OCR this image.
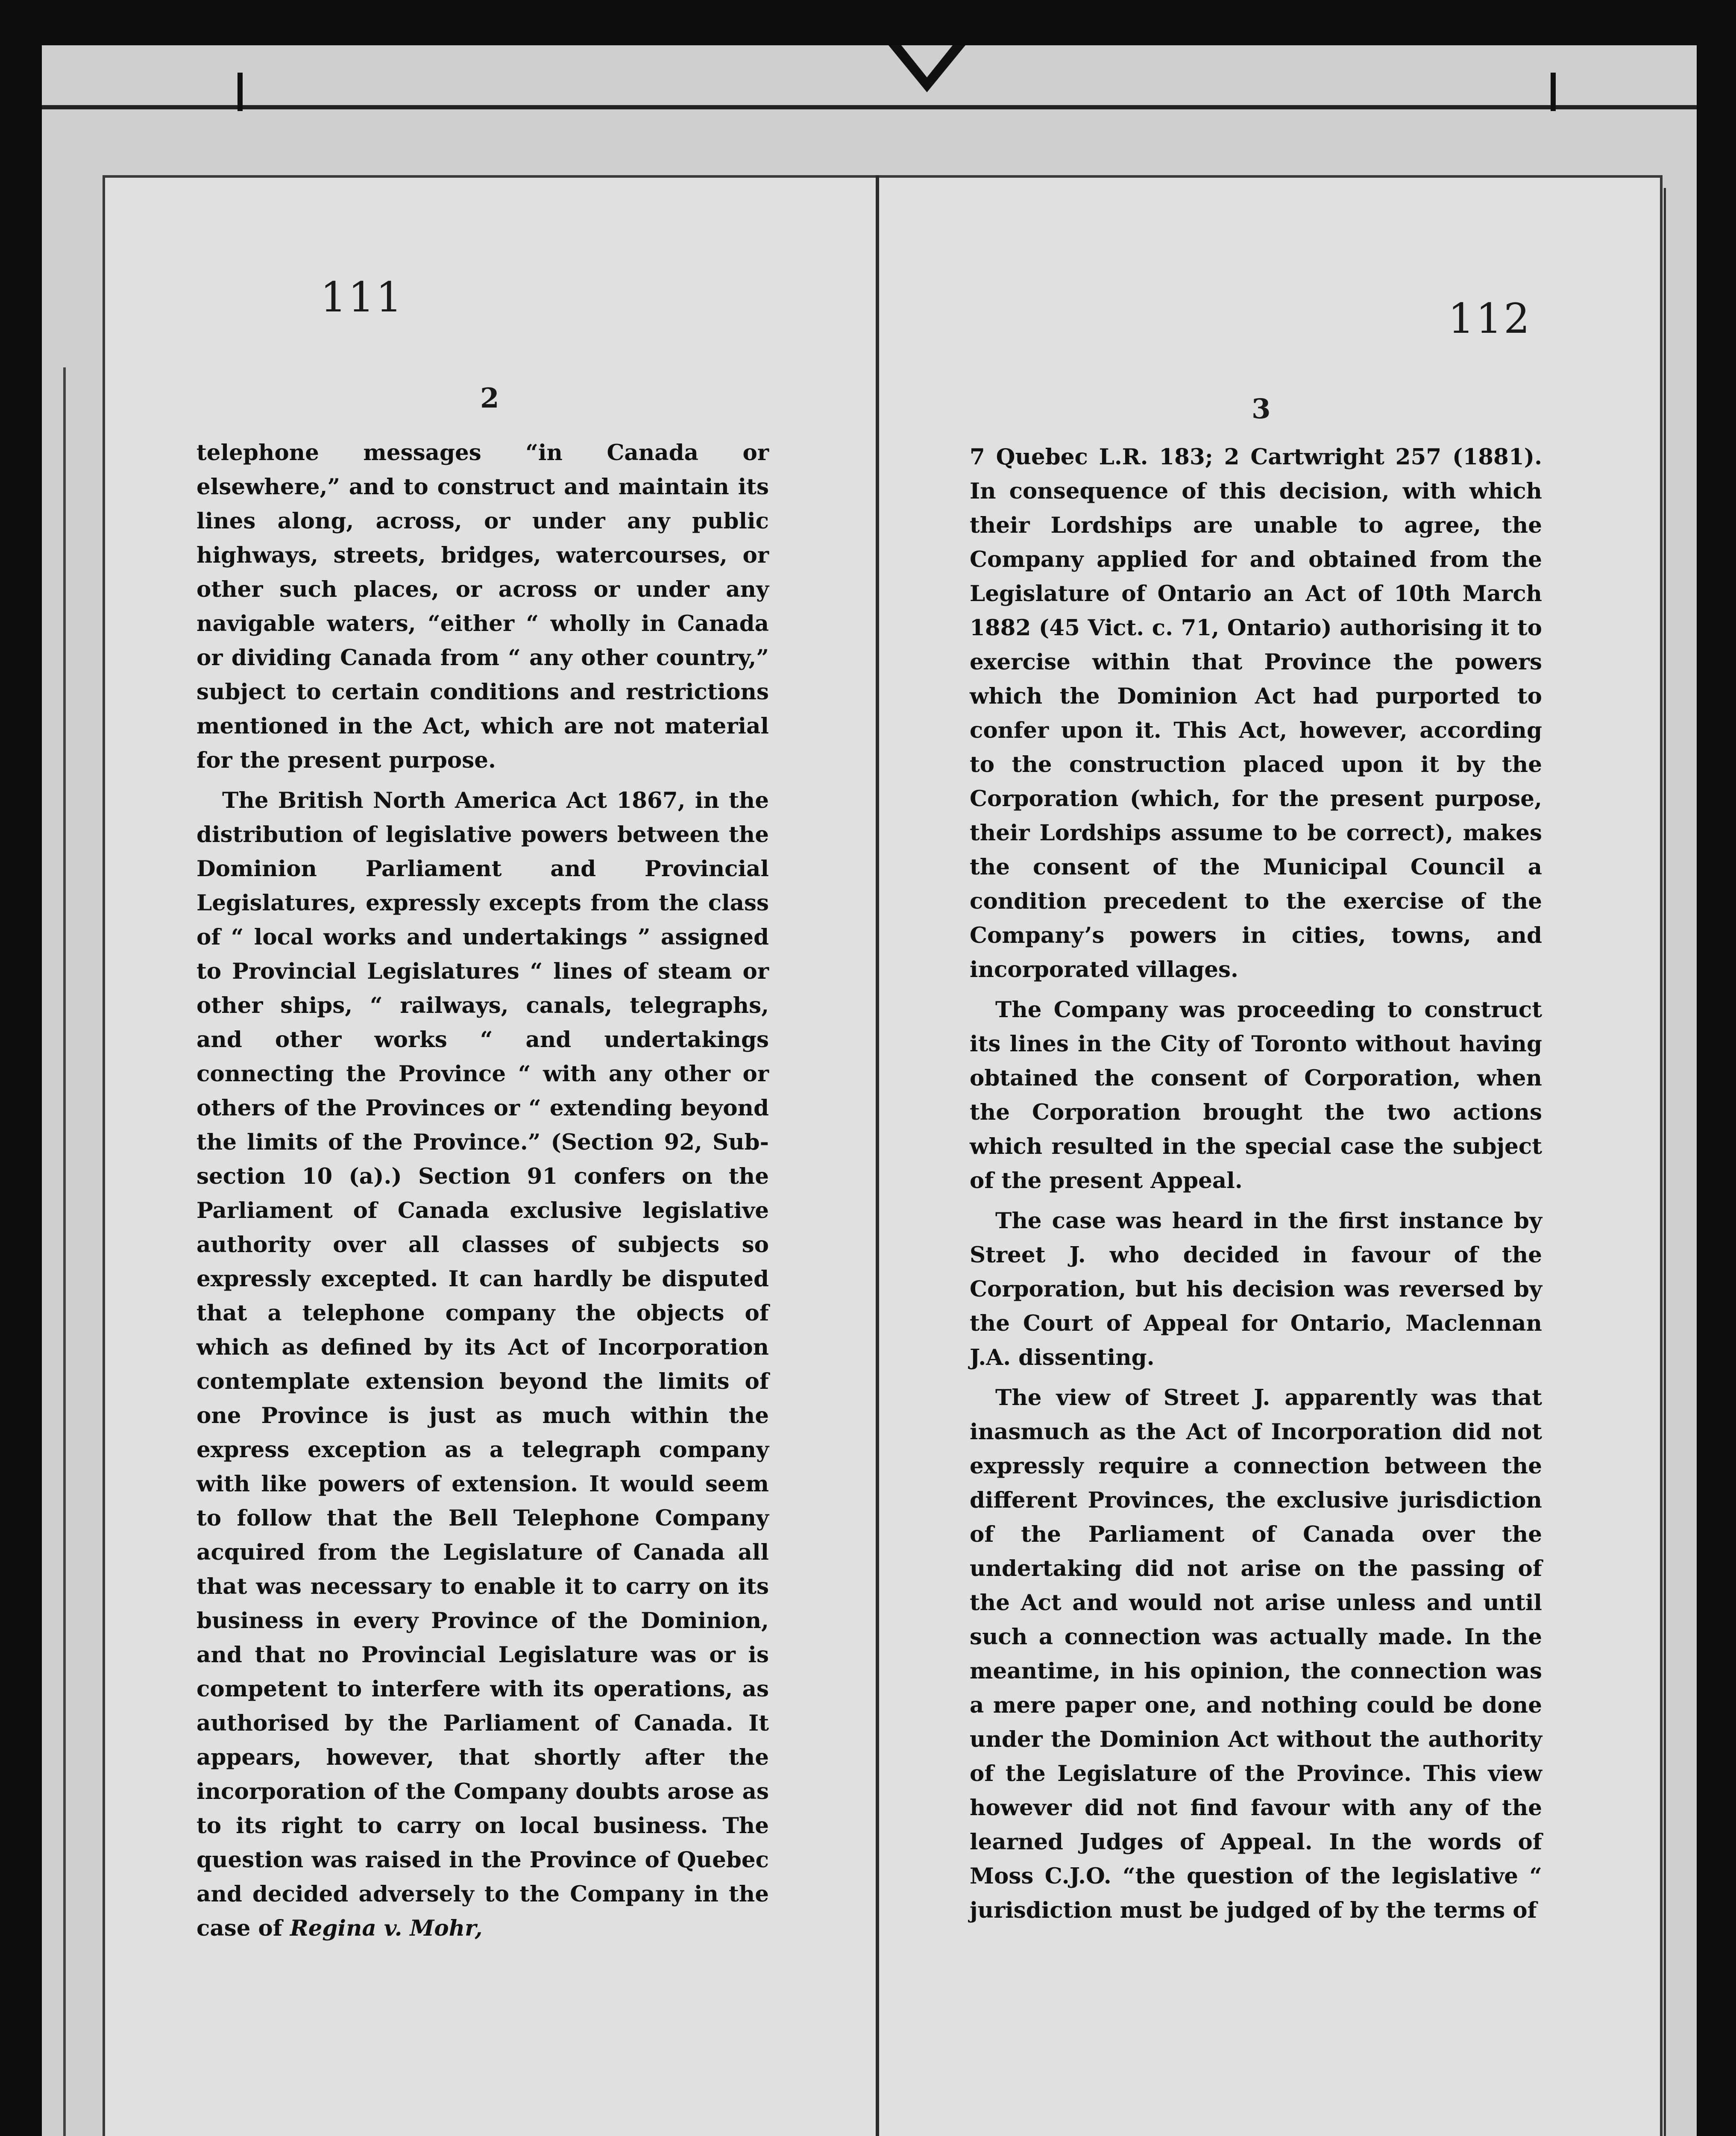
111	112
2	3

telephone messages “in Canada or elsewhere,” and to construct and maintain its lines along, across, or under any public highways, streets, bridges, watercourses, or other such places, or across or under any navigable waters, “either “ wholly in Canada or dividing Canada from “ any other country,” subject to certain conditions and restrictions mentioned in the Act, which are not material for the present purpose.

The British North America Act 1867, in the distribution of legislative powers between the Dominion Parliament and Provincial Legislatures, expressly excepts from the class of “ local works and undertakings ” assigned to Provincial Legislatures “ lines of steam or other ships, “ railways, canals, telegraphs, and other works “ and undertakings connecting the Province “ with any other or others of the Provinces or “ extending beyond the limits of the Province.” (Section 92, Sub-section 10 (a).) Section 91 confers on the Parliament of Canada exclusive legislative authority over all classes of subjects so expressly excepted. It can hardly be disputed that a telephone company the objects of which as defined by its Act of Incorporation contemplate extension beyond the limits of one Province is just as much within the express exception as a telegraph company with like powers of extension. It would seem to follow that the Bell Telephone Company acquired from the Legislature of Canada all that was necessary to enable it to carry on its business in every Province of the Dominion, and that no Provincial Legislature was or is competent to interfere with its operations, as authorised by the Parliament of Canada. It appears, however, that shortly after the incorporation of the Company doubts arose as to its right to carry on local business. The question was raised in the Province of Quebec and decided adversely to the Company in the case of Regina v. Mohr,

7 Quebec L.R. 183; 2 Cartwright 257 (1881). In consequence of this decision, with which their Lordships are unable to agree, the Company applied for and obtained from the Legislature of Ontario an Act of 10th March 1882 (45 Vict. c. 71, Ontario) authorising it to exercise within that Province the powers which the Dominion Act had purported to confer upon it. This Act, however, according to the construction placed upon it by the Corporation (which, for the present purpose, their Lordships assume to be correct), makes the consent of the Municipal Council a condition precedent to the exercise of the Company’s powers in cities, towns, and incorporated villages.

The Company was proceeding to construct its lines in the City of Toronto without having obtained the consent of Corporation, when the Corporation brought the two actions which resulted in the special case the subject of the present Appeal.

The case was heard in the first instance by Street J. who decided in favour of the Corporation, but his decision was reversed by the Court of Appeal for Ontario, Maclennan J.A. dissenting.

The view of Street J. apparently was that inasmuch as the Act of Incorporation did not expressly require a connection between the different Provinces, the exclusive jurisdiction of the Parliament of Canada over the undertaking did not arise on the passing of the Act and would not arise unless and until such a connection was actually made. In the meantime, in his opinion, the connection was a mere paper one, and nothing could be done under the Dominion Act without the authority of the Legislature of the Province. This view however did not find favour with any of the learned Judges of Appeal. In the words of Moss C.J.O. “the question of the legislative “ jurisdiction must be judged of by the terms of
